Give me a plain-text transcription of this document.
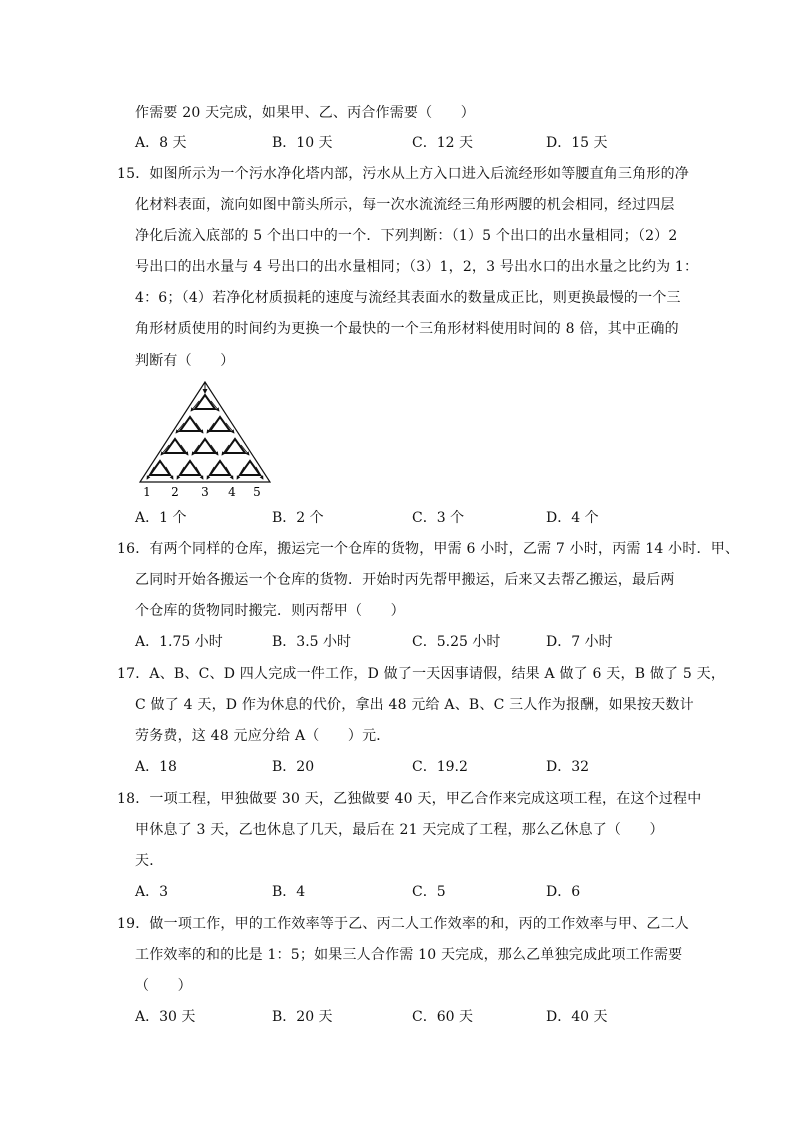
作需要 20 天完成，如果甲、乙、丙合作需要（　　）
A．8 天	B．10 天	C．12 天	D．15 天
15．如图所示为一个污水净化塔内部，污水从上方入口进入后流经形如等腰直角三角形的净
化材料表面，流向如图中箭头所示，每一次水流流经三角形两腰的机会相同，经过四层
净化后流入底部的 5 个出口中的一个．下列判断：（1）5 个出口的出水量相同；（2）2
号出口的出水量与 4 号出口的出水量相同；（3）1，2，3 号出水口的出水量之比约为 1：
4：6；（4）若净化材质损耗的速度与流经其表面水的数量成正比，则更换最慢的一个三
角形材质使用的时间约为更换一个最快的一个三角形材料使用时间的 8 倍，其中正确的
判断有（　　）
1 2 3 4 5
A．1 个	B．2 个	C．3 个	D．4 个
16．有两个同样的仓库，搬运完一个仓库的货物，甲需 6 小时，乙需 7 小时，丙需 14 小时．甲、
乙同时开始各搬运一个仓库的货物．开始时丙先帮甲搬运，后来又去帮乙搬运，最后两
个仓库的货物同时搬完．则丙帮甲（　　）
A．1.75 小时	B．3.5 小时	C．5.25 小时	D．7 小时
17．A、B、C、D 四人完成一件工作，D 做了一天因事请假，结果 A 做了 6 天，B 做了 5 天，
C 做了 4 天，D 作为休息的代价，拿出 48 元给 A、B、C 三人作为报酬，如果按天数计
劳务费，这 48 元应分给 A（　　）元．
A．18	B．20	C．19.2	D．32
18．一项工程，甲独做要 30 天，乙独做要 40 天，甲乙合作来完成这项工程，在这个过程中
甲休息了 3 天，乙也休息了几天，最后在 21 天完成了工程，那么乙休息了（　　）
天．
A．3	B．4	C．5	D．6
19．做一项工作，甲的工作效率等于乙、丙二人工作效率的和，丙的工作效率与甲、乙二人
工作效率的和的比是 1：5；如果三人合作需 10 天完成，那么乙单独完成此项工作需要
（　　）
A．30 天	B．20 天	C．60 天	D．40 天
